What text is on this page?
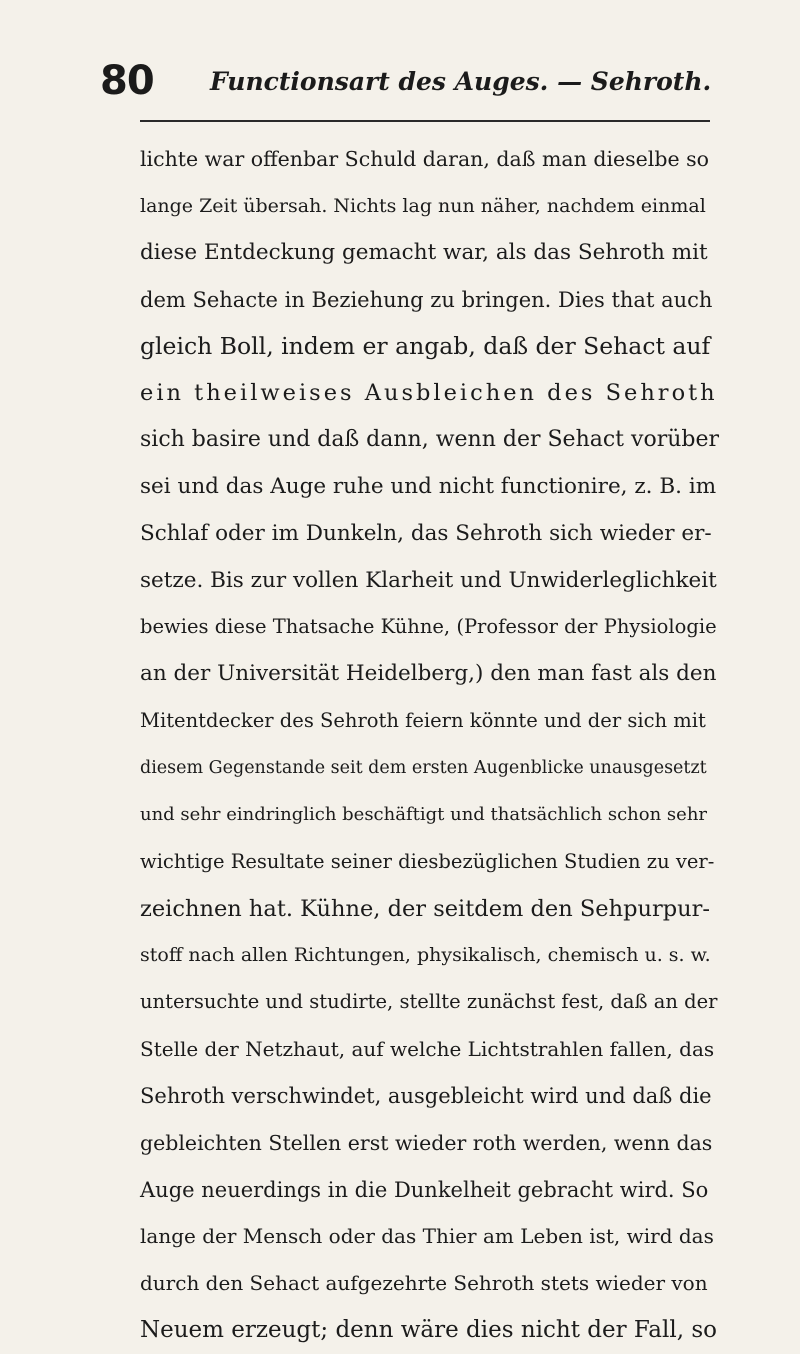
80 Functionsart des Auges. — Sehroth.
lichte war offenbar Schuld daran, daß man dieselbe so
lange Zeit übersah. Nichts lag nun näher, nachdem einmal
diese Entdeckung gemacht war, als das Sehroth mit
dem Sehacte in Beziehung zu bringen. Dies that auch
gleich Boll, indem er angab, daß der Sehact auf
ein theilweises Ausbleichen des Sehroth
sich basire und daß dann, wenn der Sehact vorüber
sei und das Auge ruhe und nicht functionire, z. B. im
Schlaf oder im Dunkeln, das Sehroth sich wieder er-
setze. Bis zur vollen Klarheit und Unwiderleglichkeit
bewies diese Thatsache Kühne, (Professor der Physiologie
an der Universität Heidelberg,) den man fast als den
Mitentdecker des Sehroth feiern könnte und der sich mit
diesem Gegenstande seit dem ersten Augenblicke unausgesetzt
und sehr eindringlich beschäftigt und thatsächlich schon sehr
wichtige Resultate seiner diesbezüglichen Studien zu ver-
zeichnen hat. Kühne, der seitdem den Sehpurpur-
stoff nach allen Richtungen, physikalisch, chemisch u. s. w.
untersuchte und studirte, stellte zunächst fest, daß an der
Stelle der Netzhaut, auf welche Lichtstrahlen fallen, das
Sehroth verschwindet, ausgebleicht wird und daß die
gebleichten Stellen erst wieder roth werden, wenn das
Auge neuerdings in die Dunkelheit gebracht wird. So
lange der Mensch oder das Thier am Leben ist, wird das
durch den Sehact aufgezehrte Sehroth stets wieder von
Neuem erzeugt; denn wäre dies nicht der Fall, so
